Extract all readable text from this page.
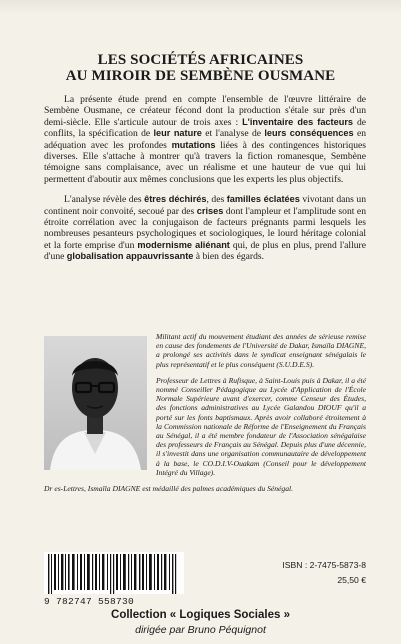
LES SOCIÉTÉS AFRICAINES
AU MIROIR DE SEMBÈNE OUSMANE

La présente étude prend en compte l'ensemble de l'œuvre littéraire de Sembène Ousmane, ce créateur fécond dont la production s'étale sur près d'un demi-siècle. Elle s'articule autour de trois axes : L'inventaire des facteurs de conflits, la spécification de leur nature et l'analyse de leurs conséquences en adéquation avec les profondes mutations liées à des contingences historiques diverses. Elle s'attache à montrer qu'à travers la fiction romanesque, Sembène témoigne sans complaisance, avec un réalisme et une hauteur de vue qui lui permettent d'aboutir aux mêmes conclusions que les experts les plus objectifs.

L'analyse révèle des êtres déchirés, des familles éclatées vivotant dans un continent noir convoité, secoué par des crises dont l'ampleur et l'amplitude sont en étroite corrélation avec la conjugaison de facteurs prégnants parmi lesquels les nombreuses pesanteurs psychologiques et sociologiques, le lourd héritage colonial et la forte emprise d'un modernisme aliénant qui, de plus en plus, prend l'allure d'une globalisation appauvrissante à bien des égards.

Militant actif du mouvement étudiant des années de sérieuse remise en cause des fondements de l'Université de Dakar, Ismaïla DIAGNE, a prolongé ses activités dans le syndicat enseignant sénégalais le plus représentatif et le plus conséquent (S.U.D.E.S).

Professeur de Lettres à Rufisque, à Saint-Louis puis à Dakar, il a été nommé Conseiller Pédagogique au Lycée d'Application de l'École Normale Supérieure avant d'exercer, comme Censeur des Études, des fonctions administratives au Lycée Galandou DIOUF qu'il a porté sur les fonts baptismaux. Après avoir collaboré étroitement à la Commission nationale de Réforme de l'Enseignement du Français au Sénégal, il a été membre fondateur de l'Association sénégalaise des professeurs de Français au Sénégal. Depuis plus d'une décennie, il s'investit dans une organisation communautaire de développement à la base, le CO.D.I.V-Ouakam (Conseil pour le développement Intégré du Village).

Dr es-Lettres, Ismaïla DIAGNE est médaillé des palmes académiques du Sénégal.

9 782747 558730
ISBN : 2-7475-5873-8
25,50 €
Collection « Logiques Sociales »
dirigée par Bruno Péquignot
